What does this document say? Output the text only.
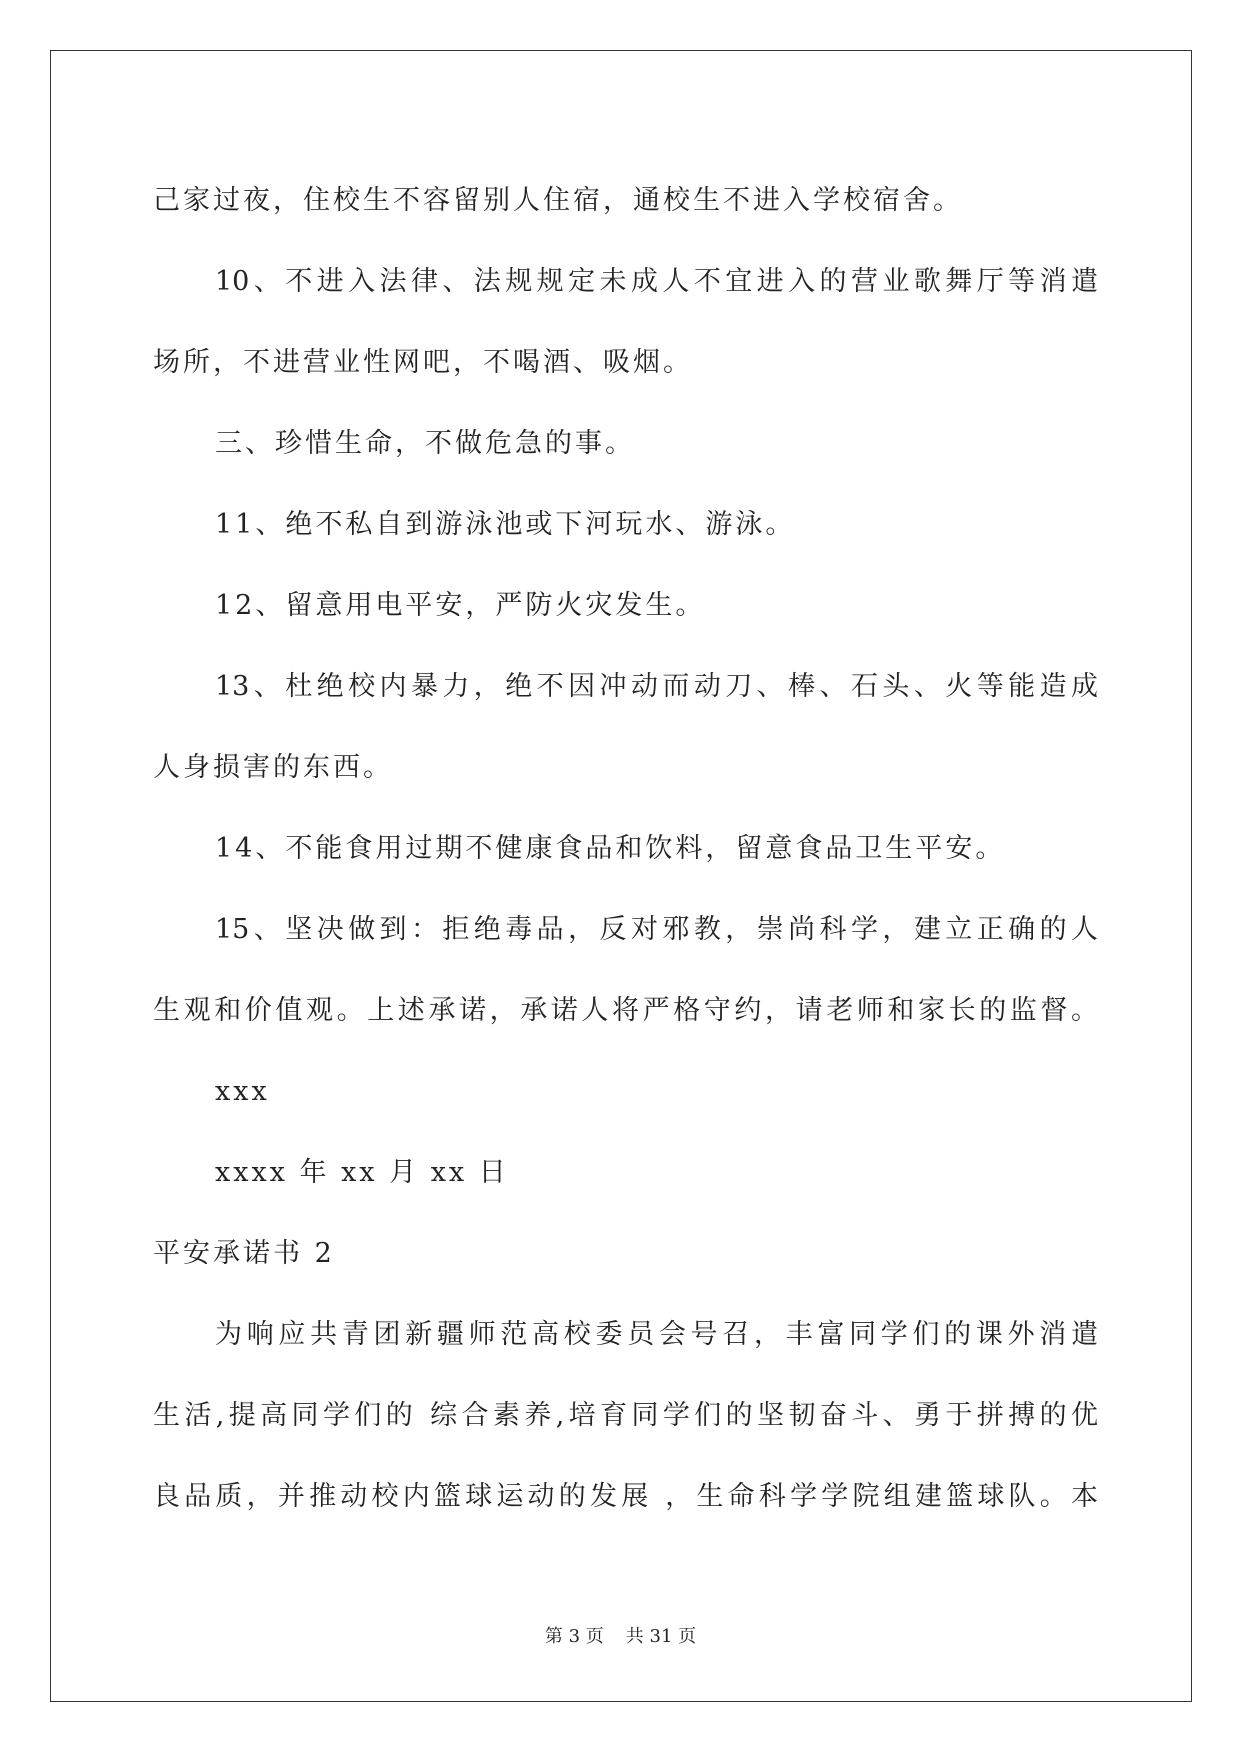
己家过夜，住校生不容留别人住宿，通校生不进入学校宿舍。

10、不进入法律、法规规定未成人不宜进入的营业歌舞厅等消遣

场所，不进营业性网吧，不喝酒、吸烟。

三、珍惜生命，不做危急的事。

11、绝不私自到游泳池或下河玩水、游泳。

12、留意用电平安，严防火灾发生。

13、杜绝校内暴力，绝不因冲动而动刀、棒、石头、火等能造成

人身损害的东西。

14、不能食用过期不健康食品和饮料，留意食品卫生平安。

15、坚决做到：拒绝毒品，反对邪教，崇尚科学，建立正确的人

生观和价值观。上述承诺，承诺人将严格守约，请老师和家长的监督。

xxx

xxxx 年 xx 月 xx 日

平安承诺书 2

为响应共青团新疆师范高校委员会号召，丰富同学们的课外消遣

生活,提高同学们的 综合素养,培育同学们的坚韧奋斗、勇于拼搏的优

良品质，并推动校内篮球运动的发展 ，生命科学学院组建篮球队。本

第 3 页 共 31 页
